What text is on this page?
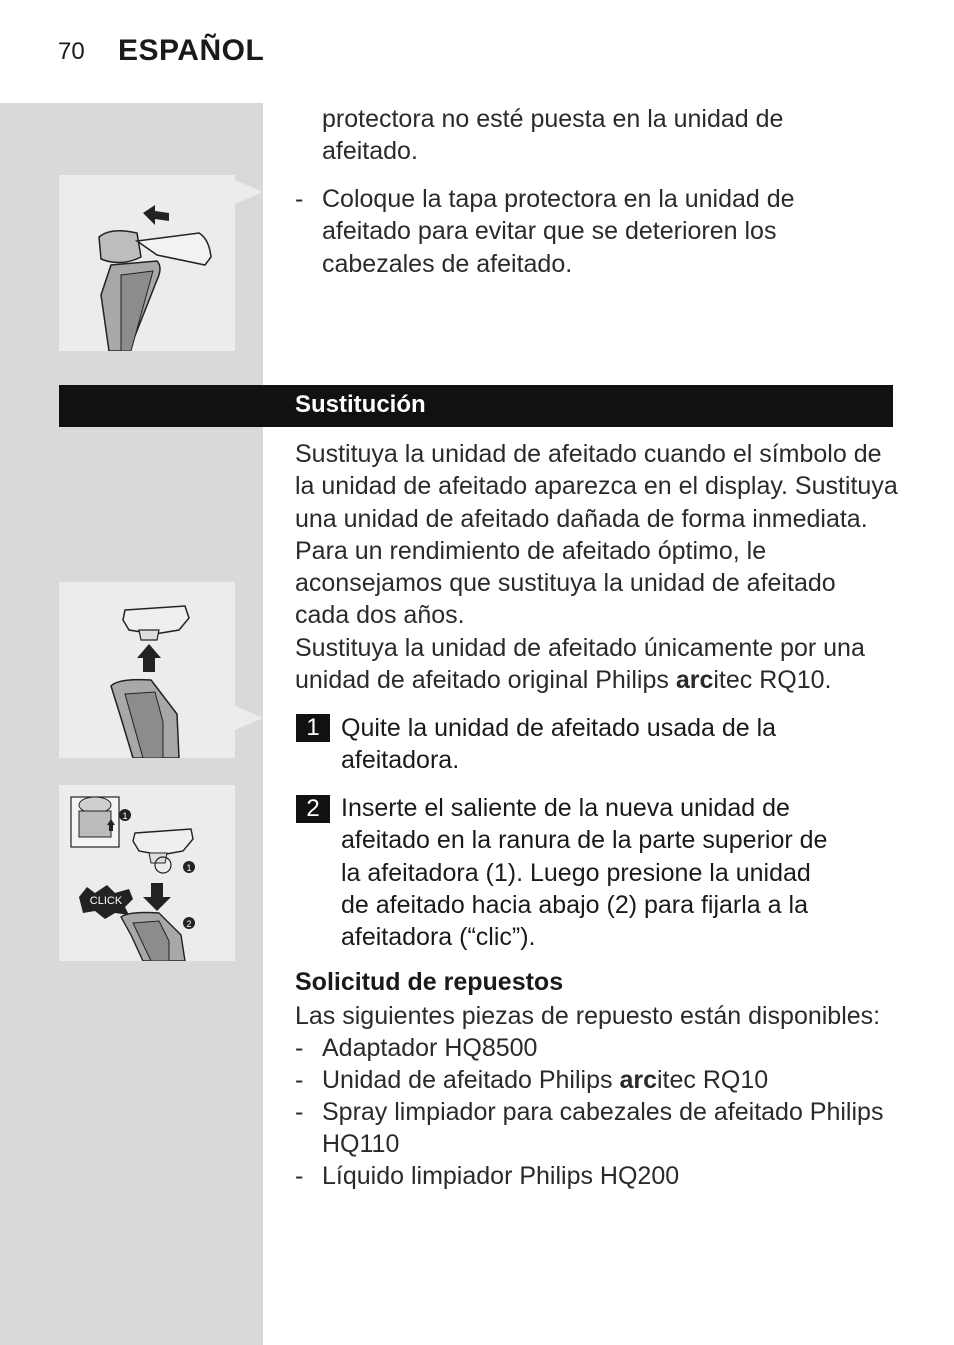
70 ESPAÑOL
protectora no esté puesta en la unidad de
afeitado.
- Coloque la tapa protectora en la unidad de
afeitado para evitar que se deterioren los
cabezales de afeitado.
Sustitución
Sustituya la unidad de afeitado cuando el símbolo de
la unidad de afeitado aparezca en el display. Sustituya
una unidad de afeitado dañada de forma inmediata.
Para un rendimiento de afeitado óptimo, le
aconsejamos que sustituya la unidad de afeitado
cada dos años.
Sustituya la unidad de afeitado únicamente por una
unidad de afeitado original Philips arcitec RQ10.
1 Quite la unidad de afeitado usada de la
afeitadora.
1
1
CLICK
2
2 Inserte el saliente de la nueva unidad de
afeitado en la ranura de la parte superior de
la afeitadora (1). Luego presione la unidad
de afeitado hacia abajo (2) para fijarla a la
afeitadora (“clic”).
Solicitud de repuestos
Las siguientes piezas de repuesto están disponibles:
- Adaptador HQ8500
- Unidad de afeitado Philips arcitec RQ10
- Spray limpiador para cabezales de afeitado Philips
HQ110
- Líquido limpiador Philips HQ200
